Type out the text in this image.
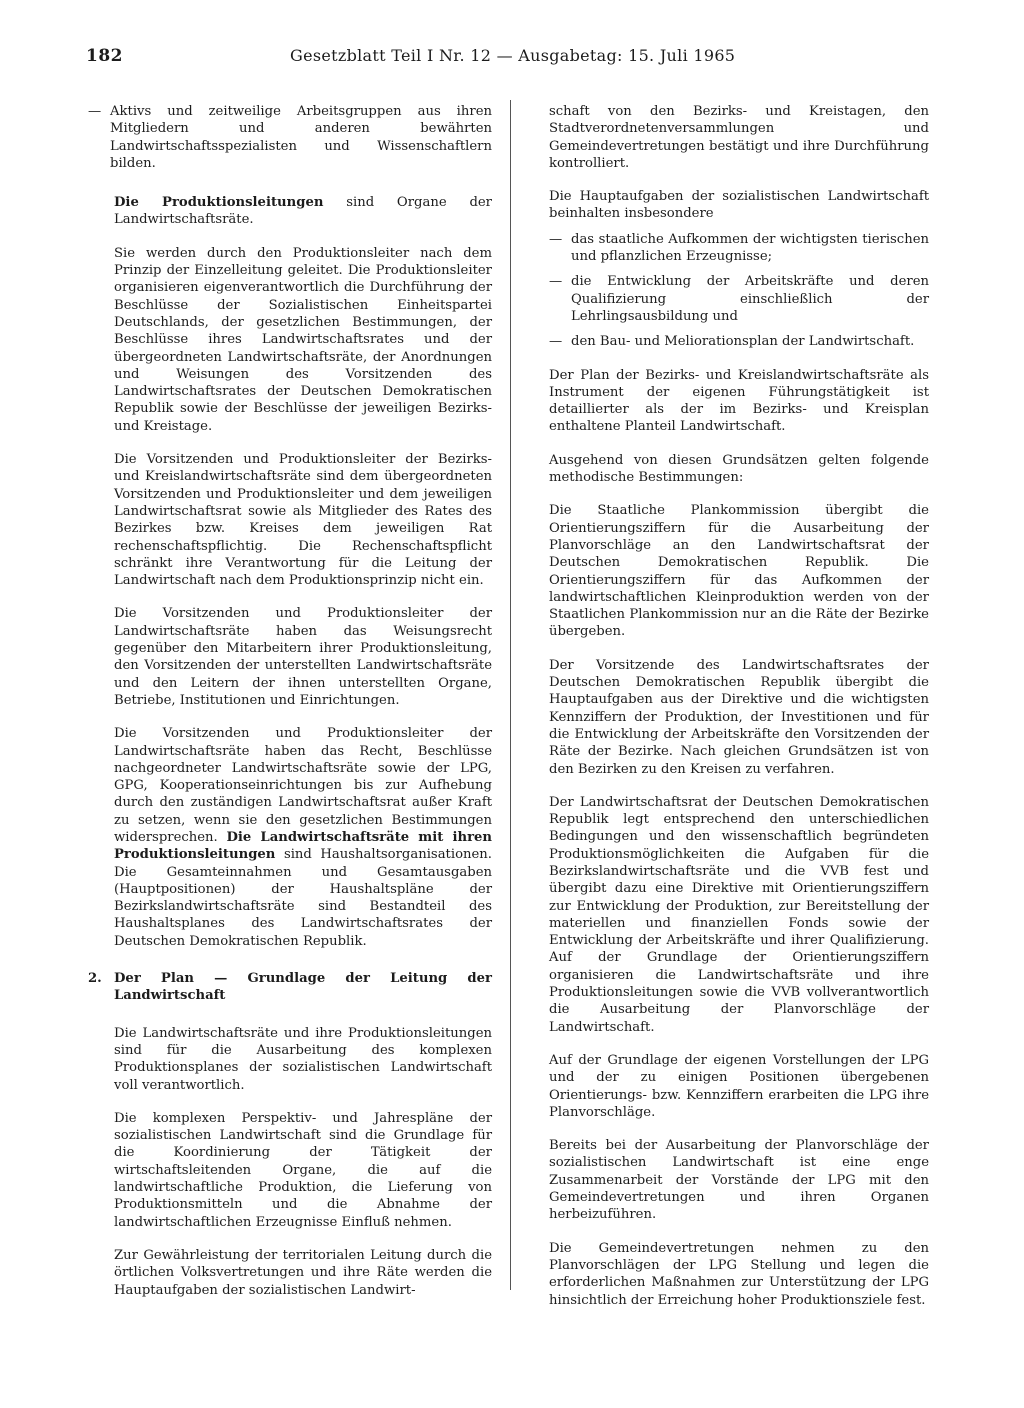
182	Gesetzblatt Teil I Nr. 12 — Ausgabetag: 15. Juli 1965
— Aktivs und zeitweilige Arbeitsgruppen aus ihren Mitgliedern und anderen bewährten Landwirtschaftsspezialisten und Wissenschaftlern bilden.

Die Produktionsleitungen sind Organe der Landwirtschaftsräte.

Sie werden durch den Produktionsleiter nach dem Prinzip der Einzelleitung geleitet. Die Produktionsleiter organisieren eigenverantwortlich die Durchführung der Beschlüsse der Sozialistischen Einheitspartei Deutschlands, der gesetzlichen Bestimmungen, der Beschlüsse ihres Landwirtschaftsrates und der übergeordneten Landwirtschaftsräte, der Anordnungen und Weisungen des Vorsitzenden des Landwirtschaftsrates der Deutschen Demokratischen Republik sowie der Beschlüsse der jeweiligen Bezirks- und Kreistage.

Die Vorsitzenden und Produktionsleiter der Bezirks- und Kreislandwirtschaftsräte sind dem übergeordneten Vorsitzenden und Produktionsleiter und dem jeweiligen Landwirtschaftsrat sowie als Mitglieder des Rates des Bezirkes bzw. Kreises dem jeweiligen Rat rechenschaftspflichtig. Die Rechenschaftspflicht schränkt ihre Verantwortung für die Leitung der Landwirtschaft nach dem Produktionsprinzip nicht ein.

Die Vorsitzenden und Produktionsleiter der Landwirtschaftsräte haben das Weisungsrecht gegenüber den Mitarbeitern ihrer Produktionsleitung, den Vorsitzenden der unterstellten Landwirtschaftsräte und den Leitern der ihnen unterstellten Organe, Betriebe, Institutionen und Einrichtungen.

Die Vorsitzenden und Produktionsleiter der Landwirtschaftsräte haben das Recht, Beschlüsse nachgeordneter Landwirtschaftsräte sowie der LPG, GPG, Kooperationseinrichtungen bis zur Aufhebung durch den zuständigen Landwirtschaftsrat außer Kraft zu setzen, wenn sie den gesetzlichen Bestimmungen widersprechen. Die Landwirtschaftsräte mit ihren Produktionsleitungen sind Haushaltsorganisationen. Die Gesamteinnahmen und Gesamtausgaben (Hauptpositionen) der Haushaltspläne der Bezirkslandwirtschaftsräte sind Bestandteil des Haushaltsplanes des Landwirtschaftsrates der Deutschen Demokratischen Republik.

2. Der Plan — Grundlage der Leitung der Landwirtschaft

Die Landwirtschaftsräte und ihre Produktionsleitungen sind für die Ausarbeitung des komplexen Produktionsplanes der sozialistischen Landwirtschaft voll verantwortlich.

Die komplexen Perspektiv- und Jahrespläne der sozialistischen Landwirtschaft sind die Grundlage für die Koordinierung der Tätigkeit der wirtschaftsleitenden Organe, die auf die landwirtschaftliche Produktion, die Lieferung von Produktionsmitteln und die Abnahme der landwirtschaftlichen Erzeugnisse Einfluß nehmen.

Zur Gewährleistung der territorialen Leitung durch die örtlichen Volksvertretungen und ihre Räte werden die Hauptaufgaben der sozialistischen Landwirt-

schaft von den Bezirks- und Kreistagen, den Stadtverordnetenversammlungen und Gemeindevertretungen bestätigt und ihre Durchführung kontrolliert.

Die Hauptaufgaben der sozialistischen Landwirtschaft beinhalten insbesondere

— das staatliche Aufkommen der wichtigsten tierischen und pflanzlichen Erzeugnisse;
— die Entwicklung der Arbeitskräfte und deren Qualifizierung einschließlich der Lehrlingsausbildung und
— den Bau- und Meliorationsplan der Landwirtschaft.

Der Plan der Bezirks- und Kreislandwirtschaftsräte als Instrument der eigenen Führungstätigkeit ist detaillierter als der im Bezirks- und Kreisplan enthaltene Planteil Landwirtschaft.

Ausgehend von diesen Grundsätzen gelten folgende methodische Bestimmungen:

Die Staatliche Plankommission übergibt die Orientierungsziffern für die Ausarbeitung der Planvorschläge an den Landwirtschaftsrat der Deutschen Demokratischen Republik. Die Orientierungsziffern für das Aufkommen der landwirtschaftlichen Kleinproduktion werden von der Staatlichen Plankommission nur an die Räte der Bezirke übergeben.

Der Vorsitzende des Landwirtschaftsrates der Deutschen Demokratischen Republik übergibt die Hauptaufgaben aus der Direktive und die wichtigsten Kennziffern der Produktion, der Investitionen und für die Entwicklung der Arbeitskräfte den Vorsitzenden der Räte der Bezirke. Nach gleichen Grundsätzen ist von den Bezirken zu den Kreisen zu verfahren.

Der Landwirtschaftsrat der Deutschen Demokratischen Republik legt entsprechend den unterschiedlichen Bedingungen und den wissenschaftlich begründeten Produktionsmöglichkeiten die Aufgaben für die Bezirkslandwirtschaftsräte und die VVB fest und übergibt dazu eine Direktive mit Orientierungsziffern zur Entwicklung der Produktion, zur Bereitstellung der materiellen und finanziellen Fonds sowie der Entwicklung der Arbeitskräfte und ihrer Qualifizierung. Auf der Grundlage der Orientierungsziffern organisieren die Landwirtschaftsräte und ihre Produktionsleitungen sowie die VVB vollverantwortlich die Ausarbeitung der Planvorschläge der Landwirtschaft.

Auf der Grundlage der eigenen Vorstellungen der LPG und der zu einigen Positionen übergebenen Orientierungs- bzw. Kennziffern erarbeiten die LPG ihre Planvorschläge.

Bereits bei der Ausarbeitung der Planvorschläge der sozialistischen Landwirtschaft ist eine enge Zusammenarbeit der Vorstände der LPG mit den Gemeindevertretungen und ihren Organen herbeizuführen.

Die Gemeindevertretungen nehmen zu den Planvorschlägen der LPG Stellung und legen die erforderlichen Maßnahmen zur Unterstützung der LPG hinsichtlich der Erreichung hoher Produktionsziele fest.
